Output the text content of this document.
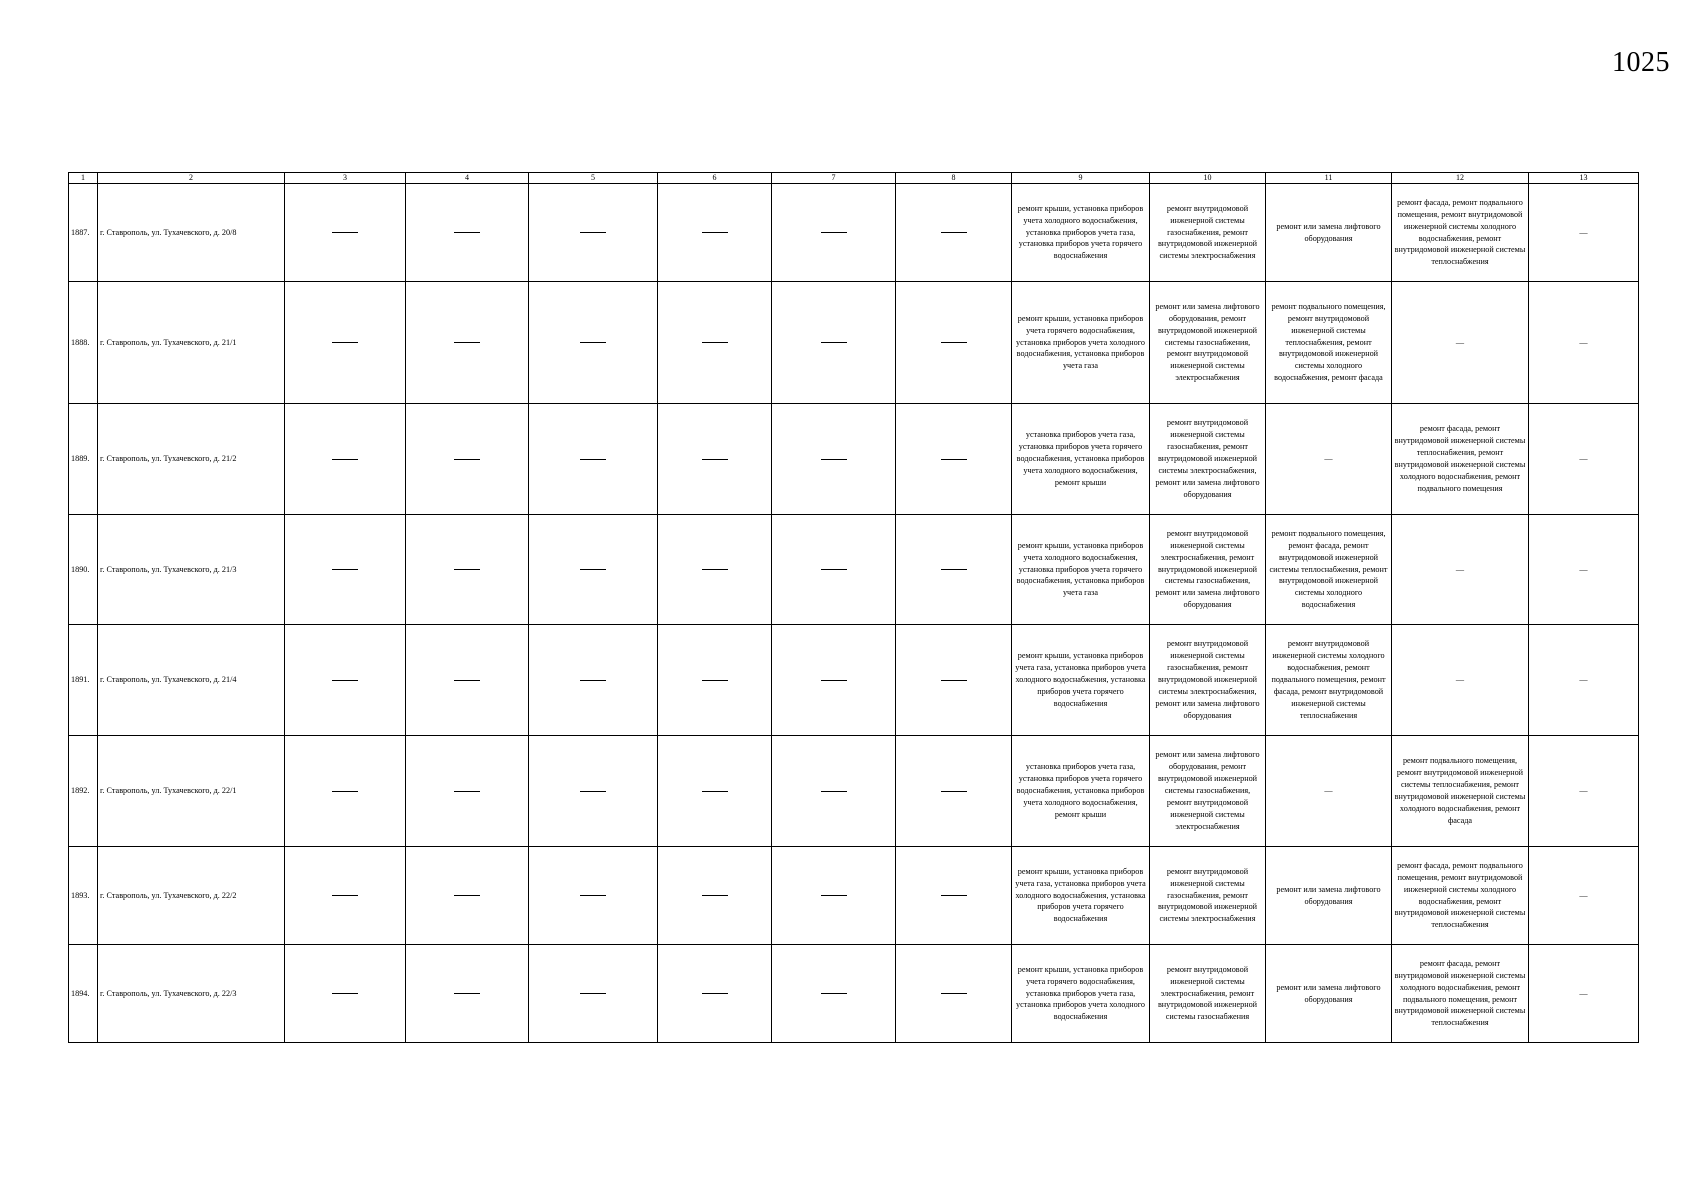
1025
1	2	3	4	5	6	7	8	9	10	11	12	13
1887.	г. Ставрополь, ул. Тухачевского, д. 20/8							ремонт крыши, установка приборов учета холодного водоснабжения, установка приборов учета газа, установка приборов учета горячего водоснабжения	ремонт внутридомовой инженерной системы газоснабжения, ремонт внутридомовой инженерной системы электроснабжения	ремонт или замена лифтового оборудования	ремонт фасада, ремонт подвального помещения, ремонт внутридомовой инженерной системы холодного водоснабжения, ремонт внутридомовой инженерной системы теплоснабжения	—
1888.	г. Ставрополь, ул. Тухачевского, д. 21/1							ремонт крыши, установка приборов учета горячего водоснабжения, установка приборов учета холодного водоснабжения, установка приборов учета газа	ремонт или замена лифтового оборудования, ремонт внутридомовой инженерной системы газоснабжения, ремонт внутридомовой инженерной системы электроснабжения	ремонт подвального помещения, ремонт внутридомовой инженерной системы теплоснабжения, ремонт внутридомовой инженерной системы холодного водоснабжения, ремонт фасада	—	—
1889.	г. Ставрополь, ул. Тухачевского, д. 21/2							установка приборов учета газа, установка приборов учета горячего водоснабжения, установка приборов учета холодного водоснабжения, ремонт крыши	ремонт внутридомовой инженерной системы газоснабжения, ремонт внутридомовой инженерной системы электроснабжения, ремонт или замена лифтового оборудования	—	ремонт фасада, ремонт внутридомовой инженерной системы теплоснабжения, ремонт внутридомовой инженерной системы холодного водоснабжения, ремонт подвального помещения	—
1890.	г. Ставрополь, ул. Тухачевского, д. 21/3							ремонт крыши, установка приборов учета холодного водоснабжения, установка приборов учета горячего водоснабжения, установка приборов учета газа	ремонт внутридомовой инженерной системы электроснабжения, ремонт внутридомовой инженерной системы газоснабжения, ремонт или замена лифтового оборудования	ремонт подвального помещения, ремонт фасада, ремонт внутридомовой инженерной системы теплоснабжения, ремонт внутридомовой инженерной системы холодного водоснабжения	—	—
1891.	г. Ставрополь, ул. Тухачевского, д. 21/4							ремонт крыши, установка приборов учета газа, установка приборов учета холодного водоснабжения, установка приборов учета горячего водоснабжения	ремонт внутридомовой инженерной системы газоснабжения, ремонт внутридомовой инженерной системы электроснабжения, ремонт или замена лифтового оборудования	ремонт внутридомовой инженерной системы холодного водоснабжения, ремонт подвального помещения, ремонт фасада, ремонт внутридомовой инженерной системы теплоснабжения	—	—
1892.	г. Ставрополь, ул. Тухачевского, д. 22/1							установка приборов учета газа, установка приборов учета горячего водоснабжения, установка приборов учета холодного водоснабжения, ремонт крыши	ремонт или замена лифтового оборудования, ремонт внутридомовой инженерной системы газоснабжения, ремонт внутридомовой инженерной системы электроснабжения	—	ремонт подвального помещения, ремонт внутридомовой инженерной системы теплоснабжения, ремонт внутридомовой инженерной системы холодного водоснабжения, ремонт фасада	—
1893.	г. Ставрополь, ул. Тухачевского, д. 22/2							ремонт крыши, установка приборов учета газа, установка приборов учета холодного водоснабжения, установка приборов учета горячего водоснабжения	ремонт внутридомовой инженерной системы газоснабжения, ремонт внутридомовой инженерной системы электроснабжения	ремонт или замена лифтового оборудования	ремонт фасада, ремонт подвального помещения, ремонт внутридомовой инженерной системы холодного водоснабжения, ремонт внутридомовой инженерной системы теплоснабжения	—
1894.	г. Ставрополь, ул. Тухачевского, д. 22/3							ремонт крыши, установка приборов учета горячего водоснабжения, установка приборов учета газа, установка приборов учета холодного водоснабжения	ремонт внутридомовой инженерной системы электроснабжения, ремонт внутридомовой инженерной системы газоснабжения	ремонт или замена лифтового оборудования	ремонт фасада, ремонт внутридомовой инженерной системы холодного водоснабжения, ремонт подвального помещения, ремонт внутридомовой инженерной системы теплоснабжения	—
